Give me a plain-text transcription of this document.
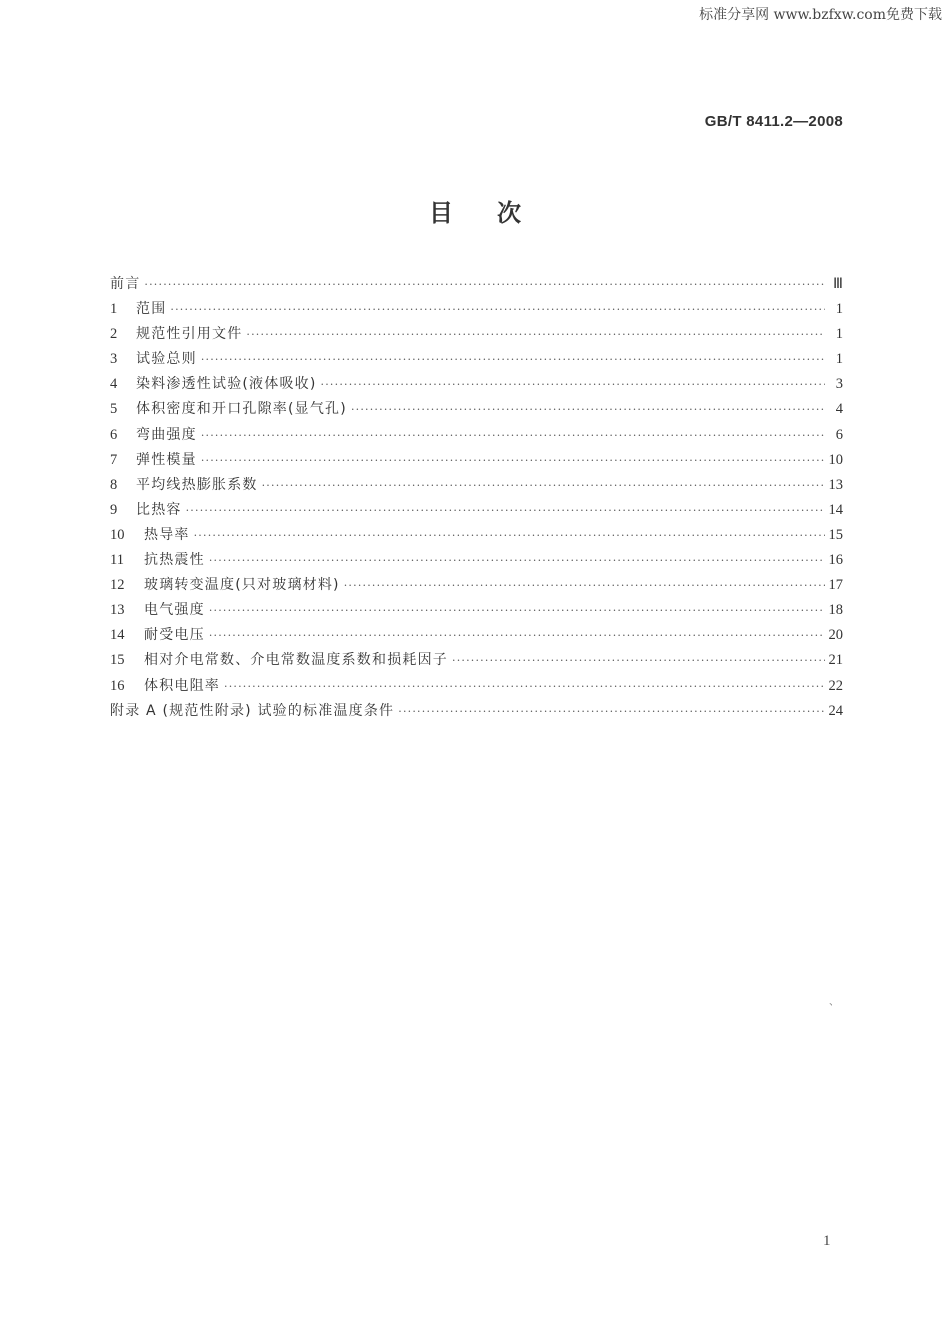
标准分享网 www.bzfxw.com免费下载
GB/T 8411.2—2008
目次
前言 ·····	Ⅲ
1	范围 ·····	1
2	规范性引用文件 ·····	1
3	试验总则 ·····	1
4	染料渗透性试验(液体吸收) ·····	3
5	体积密度和开口孔隙率(显气孔) ·····	4
6	弯曲强度 ·····	6
7	弹性模量 ·····	10
8	平均线热膨胀系数 ·····	13
9	比热容 ·····	14
10	热导率 ·····	15
11	抗热震性 ·····	16
12	玻璃转变温度(只对玻璃材料) ·····	17
13	电气强度 ·····	18
14	耐受电压 ·····	20
15	相对介电常数、介电常数温度系数和损耗因子 ·····	21
16	体积电阻率 ·····	22
附录 A (规范性附录) 试验的标准温度条件 ·····	24
、
1
